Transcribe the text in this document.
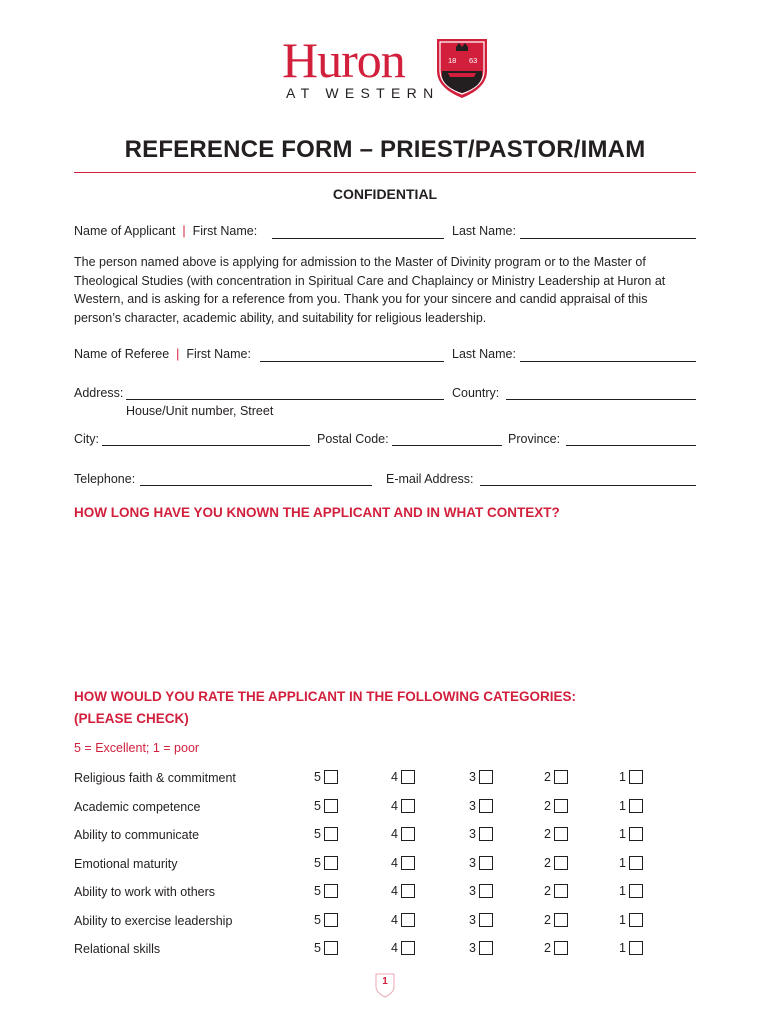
Huron
AT WESTERN
18 63
REFERENCE FORM – PRIEST/PASTOR/IMAM
CONFIDENTIAL
Name of Applicant | First Name:	Last Name:
The person named above is applying for admission to the Master of Divinity program or to the Master of Theological Studies (with concentration in Spiritual Care and Chaplaincy or Ministry Leadership at Huron at Western, and is asking for a reference from you. Thank you for your sincere and candid appraisal of this person’s character, academic ability, and suitability for religious leadership.
Name of Referee | First Name:	Last Name:
Address:	Country:
House/Unit number, Street
City:	Postal Code:	Province:
Telephone:	E-mail Address:
HOW LONG HAVE YOU KNOWN THE APPLICANT AND IN WHAT CONTEXT?
HOW WOULD YOU RATE THE APPLICANT IN THE FOLLOWING CATEGORIES:
(PLEASE CHECK)
5 = Excellent; 1 = poor
Religious faith & commitment	5	4	3	2	1
Academic competence	5	4	3	2	1
Ability to communicate	5	4	3	2	1
Emotional maturity	5	4	3	2	1
Ability to work with others	5	4	3	2	1
Ability to exercise leadership	5	4	3	2	1
Relational skills	5	4	3	2	1
1
